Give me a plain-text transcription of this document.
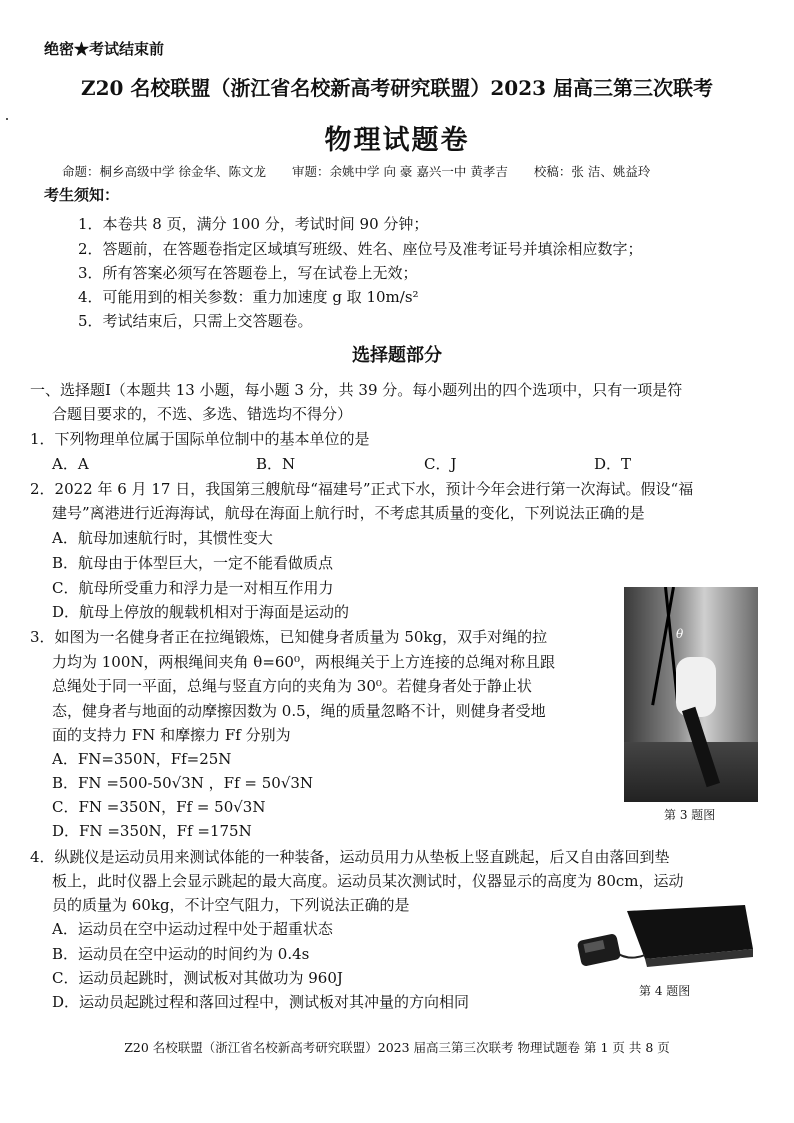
绝密★考试结束前
Z20 名校联盟（浙江省名校新高考研究联盟）2023 届高三第三次联考
物理试题卷
命题：桐乡高级中学 徐金华、陈文龙 审题：余姚中学 向 豪 嘉兴一中 黄孝吉 校稿：张 洁、姚益玲
考生须知：
1．本卷共 8 页，满分 100 分，考试时间 90 分钟；
2．答题前，在答题卷指定区域填写班级、姓名、座位号及准考证号并填涂相应数字；
3．所有答案必须写在答题卷上，写在试卷上无效；
4．可能用到的相关参数：重力加速度 g 取 10m/s²
5．考试结束后，只需上交答题卷。
选择题部分
一、选择题Ⅰ（本题共 13 小题，每小题 3 分，共 39 分。每小题列出的四个选项中，只有一项是符
合题目要求的，不选、多选、错选均不得分）
1．下列物理单位属于国际单位制中的基本单位的是
A．A	B．N	C．J	D．T
2．2022 年 6 月 17 日，我国第三艘航母“福建号”正式下水，预计今年会进行第一次海试。假设“福
建号”离港进行近海海试，航母在海面上航行时，不考虑其质量的变化，下列说法正确的是
A．航母加速航行时，其惯性变大
B．航母由于体型巨大，一定不能看做质点
C．航母所受重力和浮力是一对相互作用力
D．航母上停放的舰载机相对于海面是运动的
3．如图为一名健身者正在拉绳锻炼，已知健身者质量为 50kg，双手对绳的拉
力均为 100N，两根绳间夹角 θ=60⁰，两根绳关于上方连接的总绳对称且跟
总绳处于同一平面，总绳与竖直方向的夹角为 30⁰。若健身者处于静止状
态，健身者与地面的动摩擦因数为 0.5，绳的质量忽略不计，则健身者受地
面的支持力 FN 和摩擦力 Ff 分别为
A．FN=350N，Ff=25N
B．FN =500-50√3N ，Ff = 50√3N
C．FN =350N，Ff = 50√3N
D．FN =350N，Ff =175N
θ
第 3 题图
4．纵跳仪是运动员用来测试体能的一种装备，运动员用力从垫板上竖直跳起，后又自由落回到垫
板上，此时仪器上会显示跳起的最大高度。运动员某次测试时，仪器显示的高度为 80cm，运动
员的质量为 60kg，不计空气阻力，下列说法正确的是
A．运动员在空中运动过程中处于超重状态
B．运动员在空中运动的时间约为 0.4s
C．运动员起跳时，测试板对其做功为 960J
D．运动员起跳过程和落回过程中，测试板对其冲量的方向相同
第 4 题图
Z20 名校联盟（浙江省名校新高考研究联盟）2023 届高三第三次联考 物理试题卷 第 1 页 共 8 页
